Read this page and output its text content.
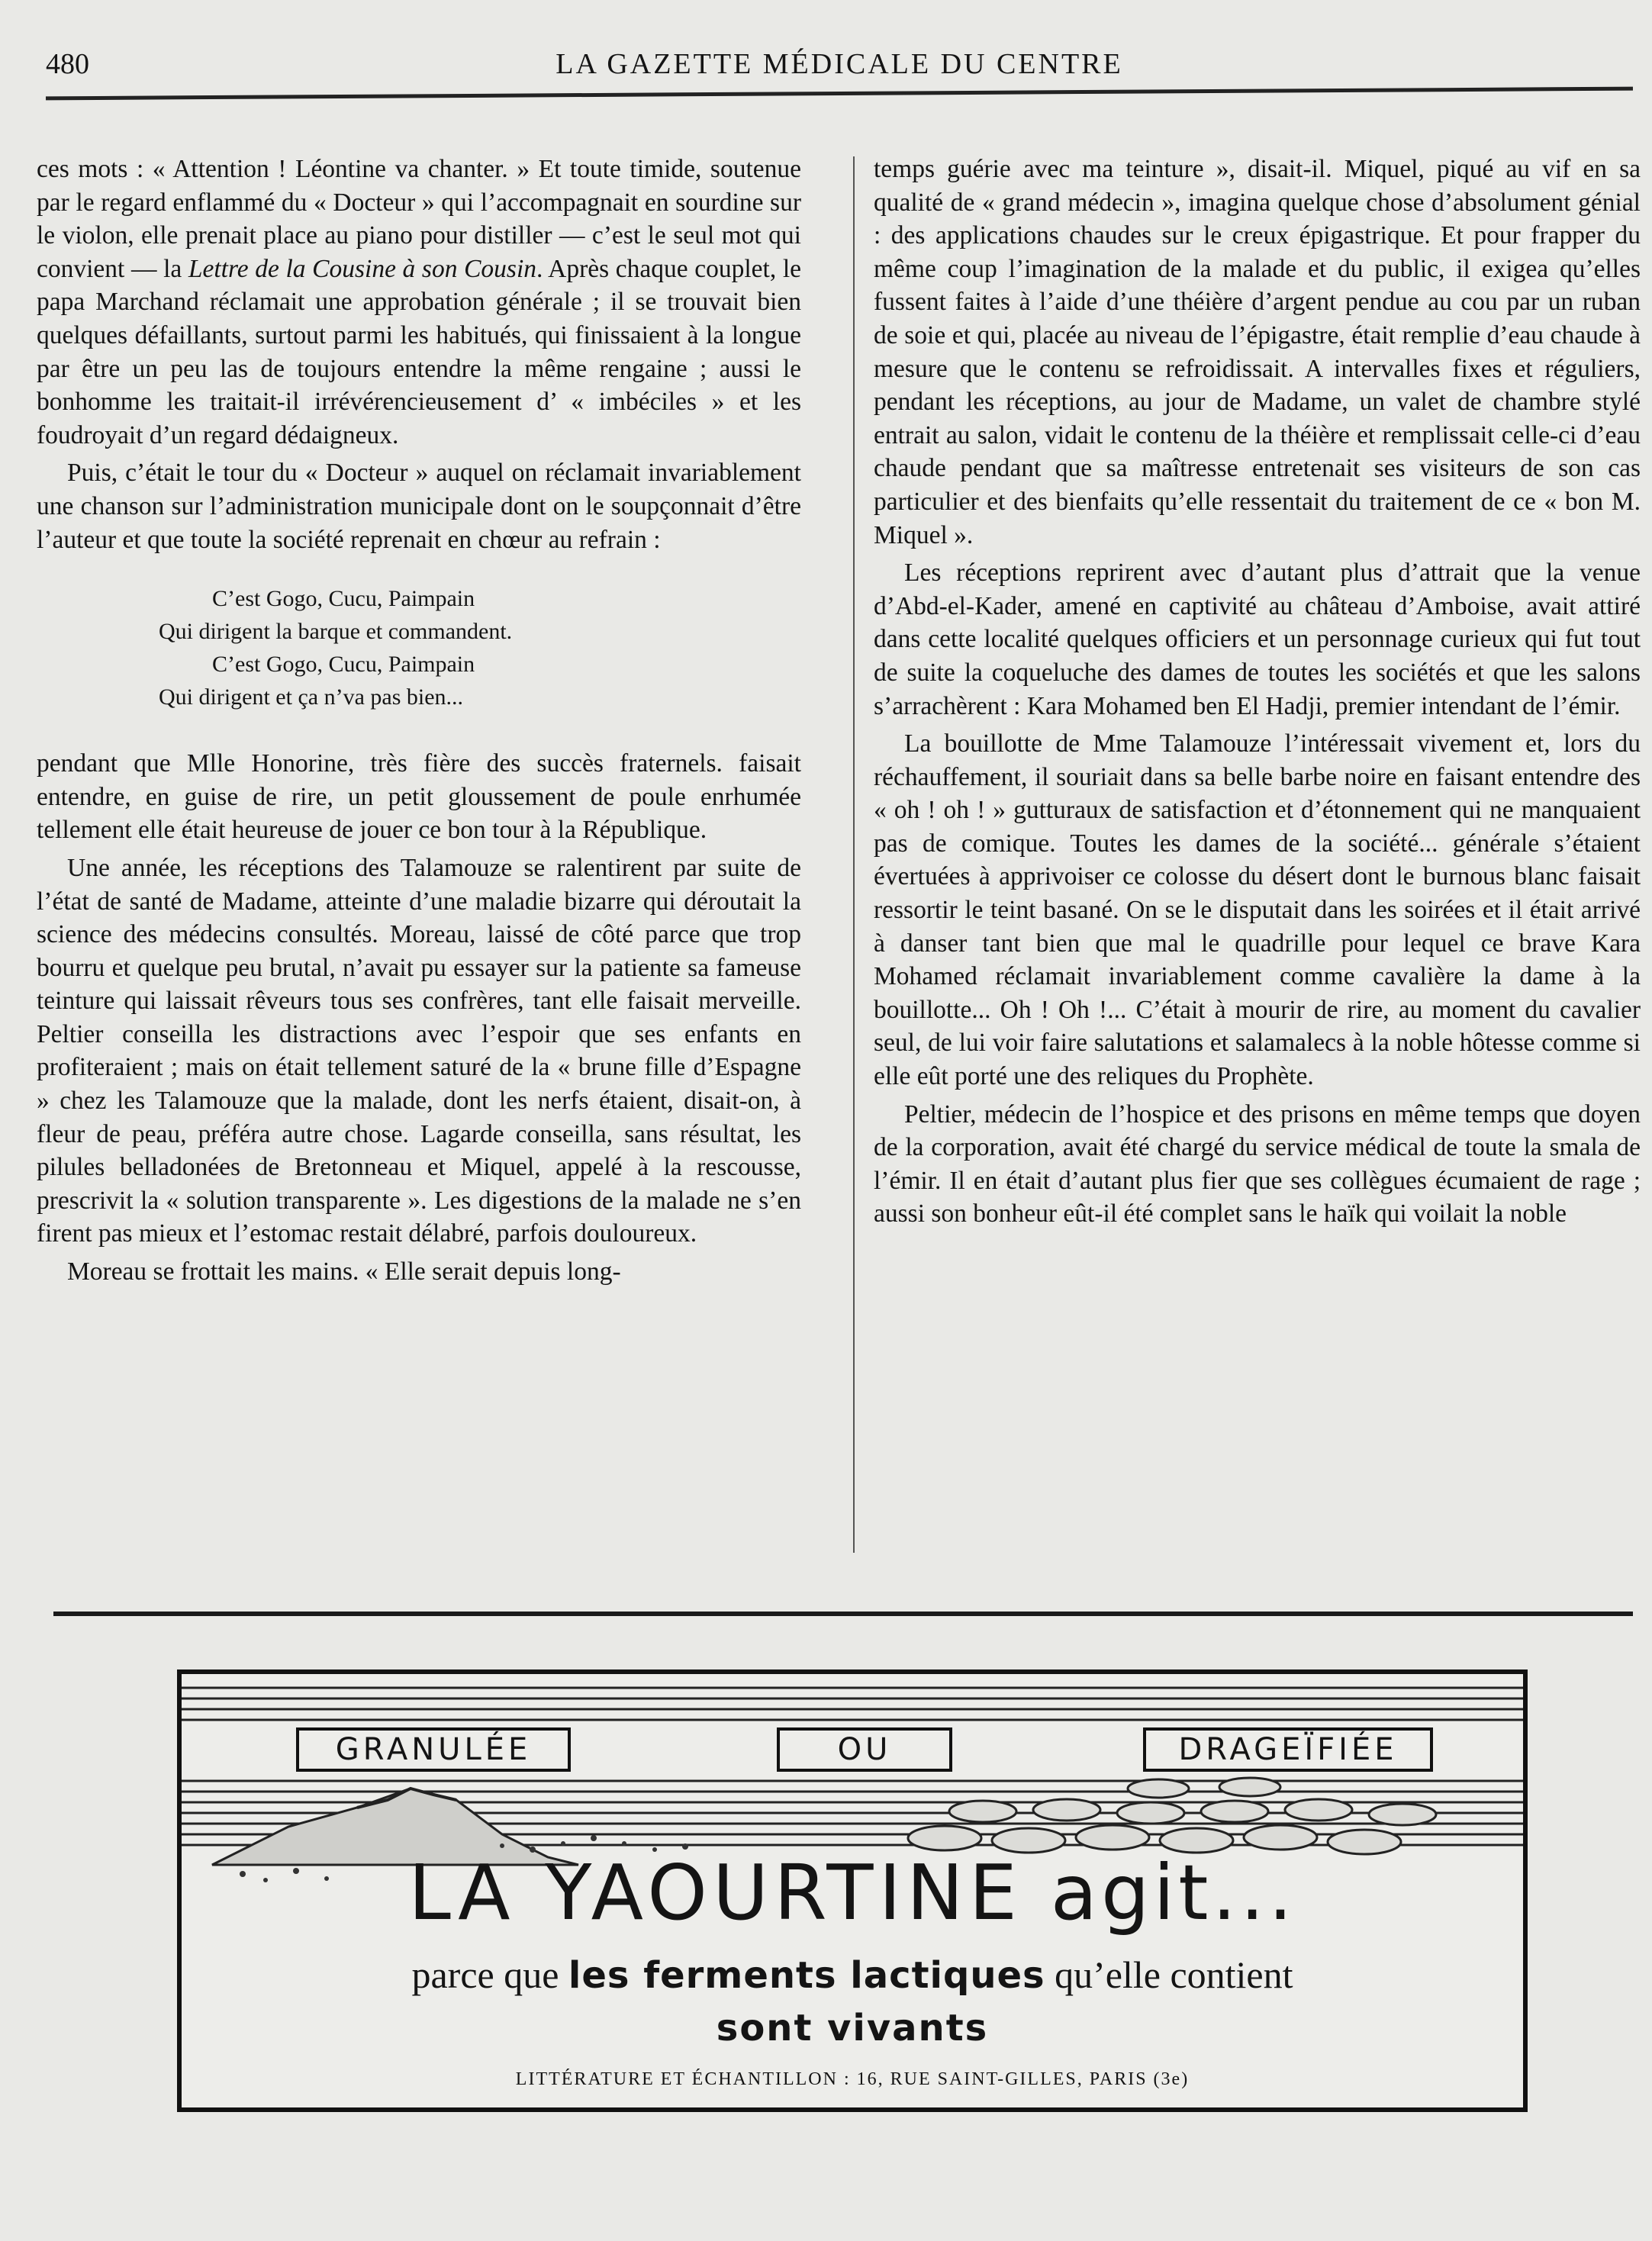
480	LA GAZETTE MÉDICALE DU CENTRE

ces mots : « Attention ! Léontine va chanter. » Et toute timide, soutenue par le regard enflammé du « Docteur » qui l’accompagnait en sourdine sur le violon, elle prenait place au piano pour distiller — c’est le seul mot qui convient — la Lettre de la Cousine à son Cousin. Après chaque couplet, le papa Marchand réclamait une approbation générale ; il se trouvait bien quelques défaillants, surtout parmi les habitués, qui finissaient à la longue par être un peu las de toujours entendre la même rengaine ; aussi le bonhomme les traitait-il irrévérencieusement d’ « imbéciles » et les foudroyait d’un regard dédaigneux.

Puis, c’était le tour du « Docteur » auquel on réclamait invariablement une chanson sur l’administration municipale dont on le soupçonnait d’être l’auteur et que toute la société reprenait en chœur au refrain :

C’est Gogo, Cucu, Paimpain
Qui dirigent la barque et commandent.
C’est Gogo, Cucu, Paimpain
Qui dirigent et ça n’va pas bien...

pendant que Mlle Honorine, très fière des succès fraternels. faisait entendre, en guise de rire, un petit gloussement de poule enrhumée tellement elle était heureuse de jouer ce bon tour à la République.

Une année, les réceptions des Talamouze se ralentirent par suite de l’état de santé de Madame, atteinte d’une maladie bizarre qui déroutait la science des médecins consultés. Moreau, laissé de côté parce que trop bourru et quelque peu brutal, n’avait pu essayer sur la patiente sa fameuse teinture qui laissait rêveurs tous ses confrères, tant elle faisait merveille. Peltier conseilla les distractions avec l’espoir que ses enfants en profiteraient ; mais on était tellement saturé de la « brune fille d’Espagne » chez les Talamouze que la malade, dont les nerfs étaient, disait-on, à fleur de peau, préféra autre chose. Lagarde conseilla, sans résultat, les pilules belladonées de Bretonneau et Miquel, appelé à la rescousse, prescrivit la « solution transparente ». Les digestions de la malade ne s’en firent pas mieux et l’estomac restait délabré, parfois douloureux.

Moreau se frottait les mains. « Elle serait depuis long-

temps guérie avec ma teinture », disait-il. Miquel, piqué au vif en sa qualité de « grand médecin », imagina quelque chose d’absolument génial : des applications chaudes sur le creux épigastrique. Et pour frapper du même coup l’imagination de la malade et du public, il exigea qu’elles fussent faites à l’aide d’une théière d’argent pendue au cou par un ruban de soie et qui, placée au niveau de l’épigastre, était remplie d’eau chaude à mesure que le contenu se refroidissait. A intervalles fixes et réguliers, pendant les réceptions, au jour de Madame, un valet de chambre stylé entrait au salon, vidait le contenu de la théière et remplissait celle-ci d’eau chaude pendant que sa maîtresse entretenait ses visiteurs de son cas particulier et des bienfaits qu’elle ressentait du traitement de ce « bon M. Miquel ».

Les réceptions reprirent avec d’autant plus d’attrait que la venue d’Abd-el-Kader, amené en captivité au château d’Amboise, avait attiré dans cette localité quelques officiers et un personnage curieux qui fut tout de suite la coqueluche des dames de toutes les sociétés et que les salons s’arrachèrent : Kara Mohamed ben El Hadji, premier intendant de l’émir.

La bouillotte de Mme Talamouze l’intéressait vivement et, lors du réchauffement, il souriait dans sa belle barbe noire en faisant entendre des « oh ! oh ! » gutturaux de satisfaction et d’étonnement qui ne manquaient pas de comique. Toutes les dames de la société... générale s’étaient évertuées à apprivoiser ce colosse du désert dont le burnous blanc faisait ressortir le teint basané. On se le disputait dans les soirées et il était arrivé à danser tant bien que mal le quadrille pour lequel ce brave Kara Mohamed réclamait invariablement comme cavalière la dame à la bouillotte... Oh ! Oh !... C’était à mourir de rire, au moment du cavalier seul, de lui voir faire salutations et salamalecs à la noble hôtesse comme si elle eût porté une des reliques du Prophète.

Peltier, médecin de l’hospice et des prisons en même temps que doyen de la corporation, avait été chargé du service médical de toute la smala de l’émir. Il en était d’autant plus fier que ses collègues écumaient de rage ; aussi son bonheur eût-il été complet sans le haïk qui voilait la noble

GRANULÉE	OU	DRAGEÏFIÉE
LA YAOURTINE agit...
parce que les ferments lactiques qu’elle contient
sont vivants
LITTÉRATURE ET ÉCHANTILLON : 16, RUE SAINT-GILLES, PARIS (3e)
